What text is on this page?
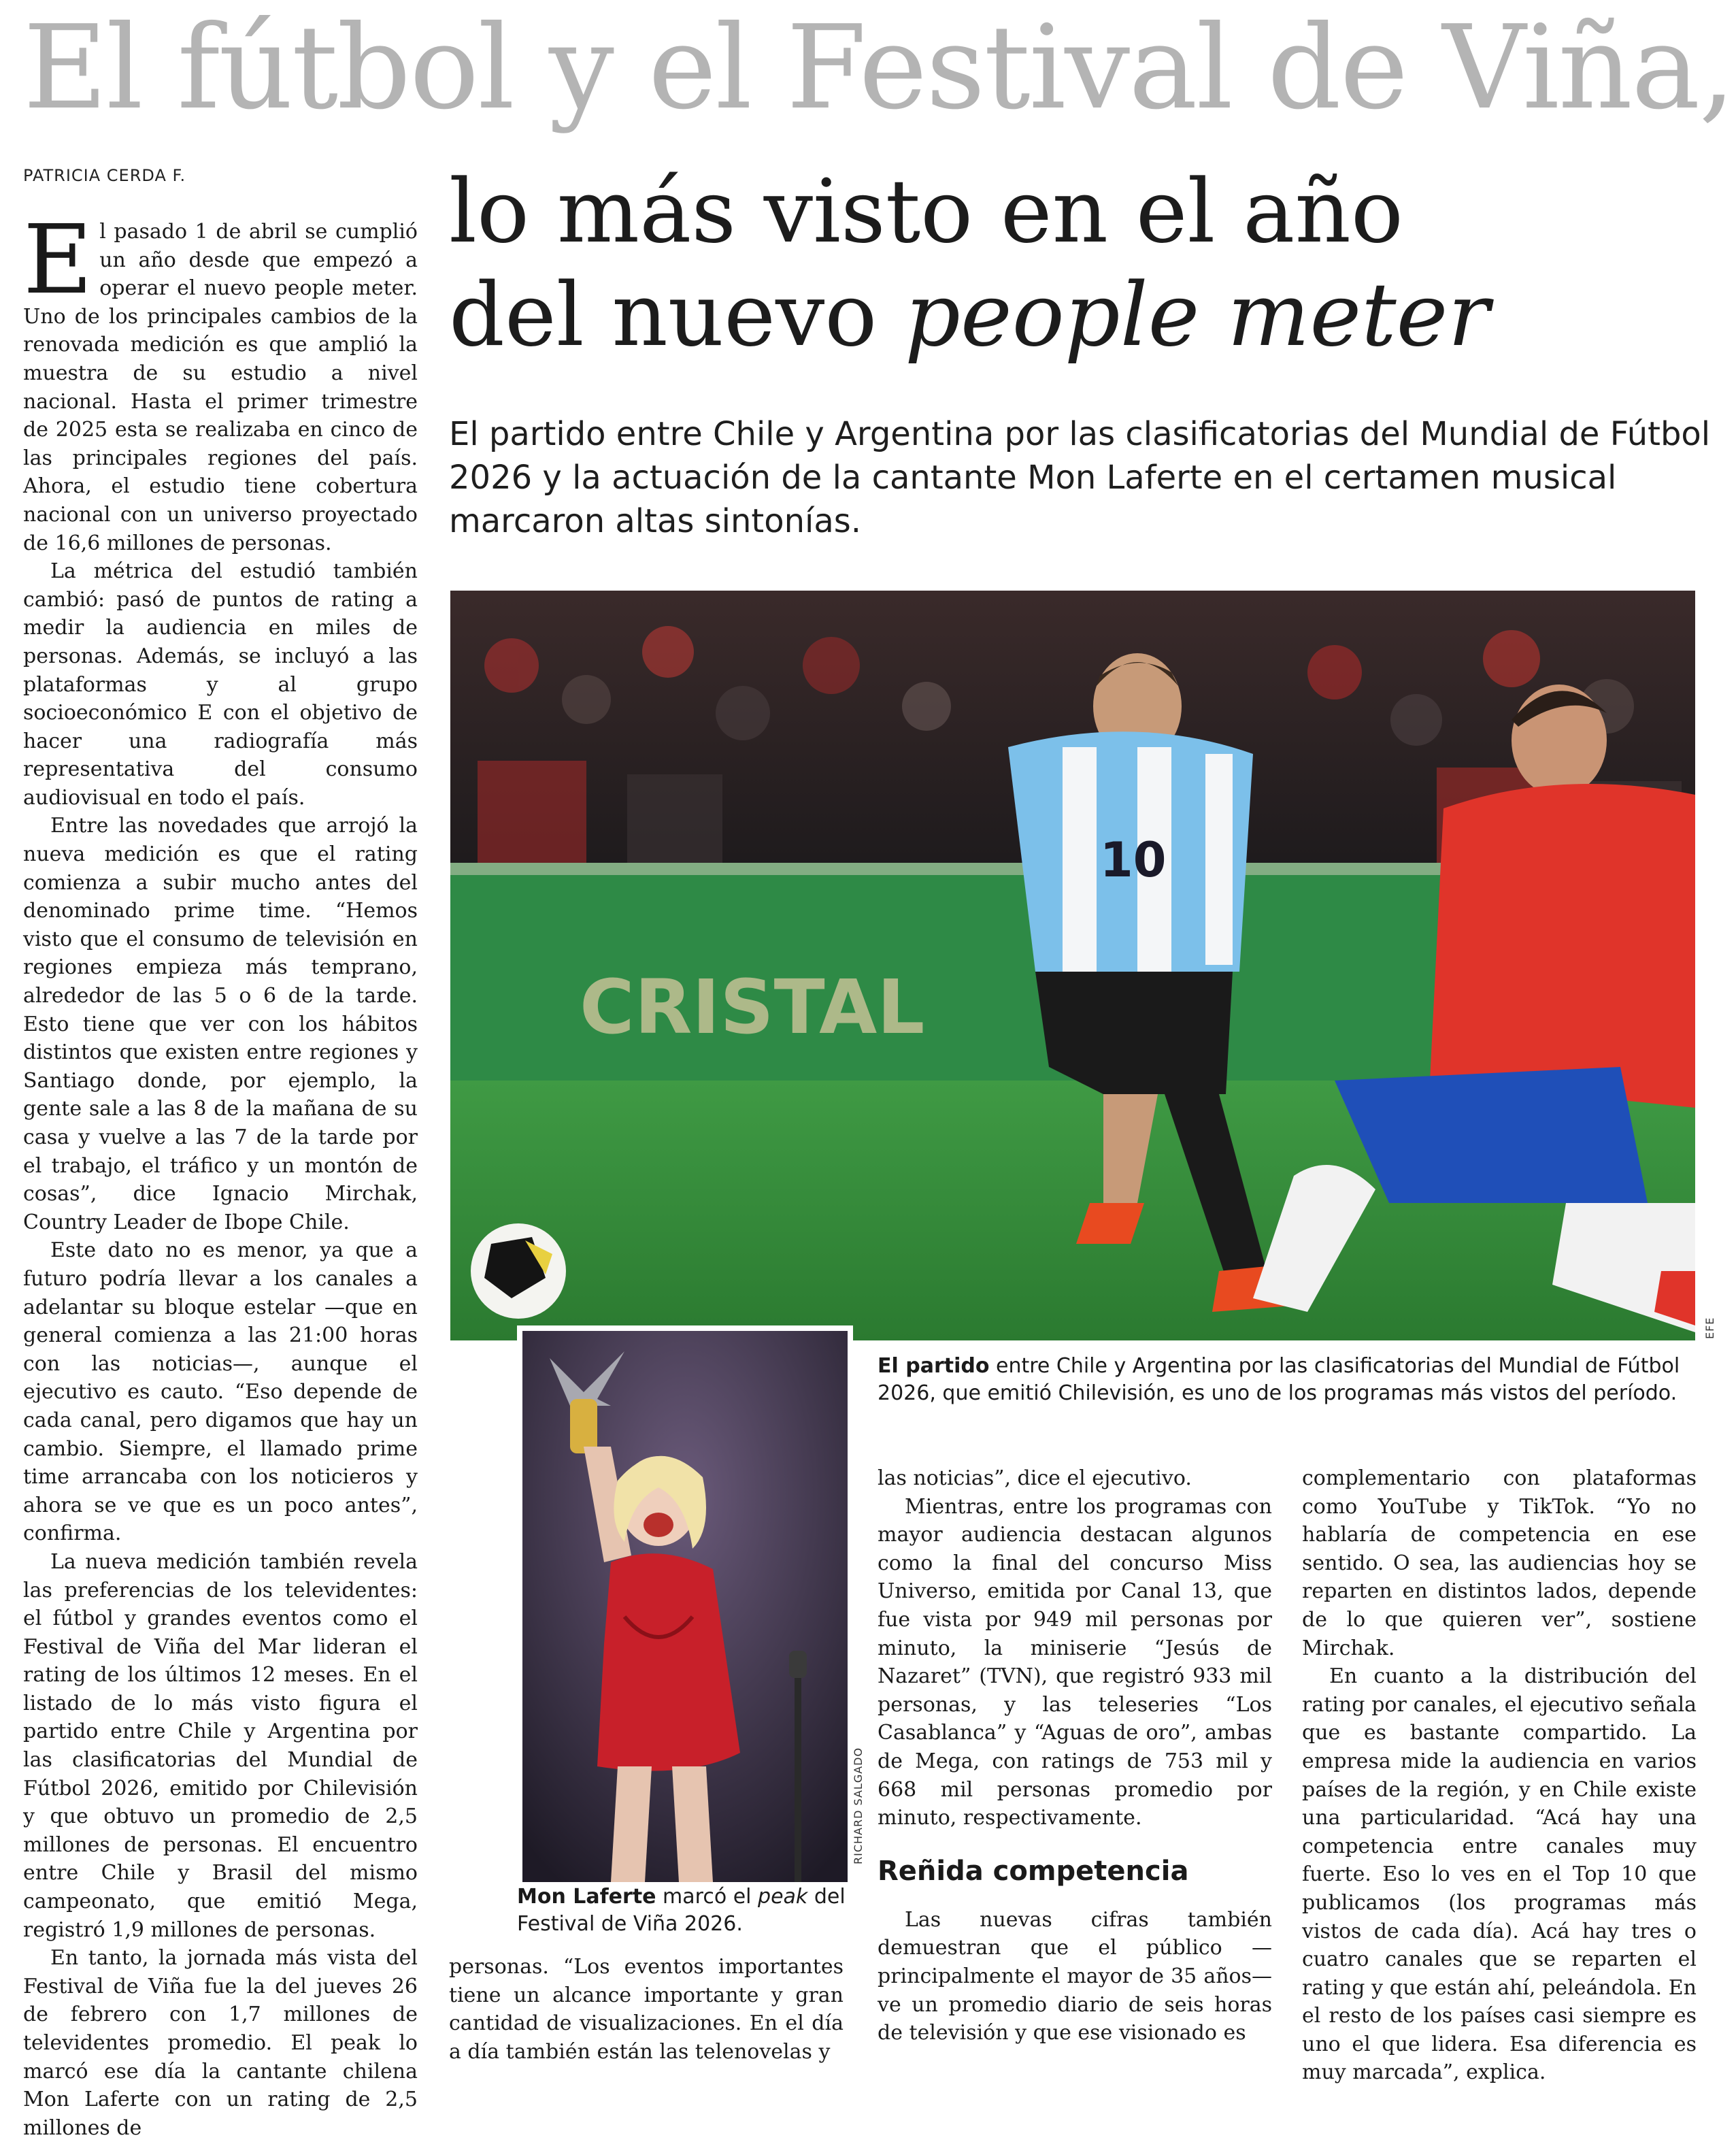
El fútbol y el Festival de Viña,
PATRICIA CERDA F.	lo más visto en el año
del nuevo people meter
El partido entre Chile y Argentina por las clasificatorias del Mundial de Fútbol 2026 y la actuación de la cantante Mon Laferte en el certamen musical marcaron altas sintonías.

El pasado 1 de abril se cumplió un año desde que empezó a operar el nuevo people meter. Uno de los principales cambios de la renovada medición es que amplió la muestra de su estudio a nivel nacional. Hasta el primer trimestre de 2025 esta se realizaba en cinco de las principales regiones del país. Ahora, el estudio tiene cobertura nacional con un universo proyectado de 16,6 millones de personas.

La métrica del estudió también cambió: pasó de puntos de rating a medir la audiencia en miles de personas. Además, se incluyó a las plataformas y al grupo socioeconómico E con el objetivo de hacer una radiografía más representativa del consumo audiovisual en todo el país.

Entre las novedades que arrojó la nueva medición es que el rating comienza a subir mucho antes del denominado prime time. “Hemos visto que el consumo de televisión en regiones empieza más temprano, alrededor de las 5 o 6 de la tarde. Esto tiene que ver con los hábitos distintos que existen entre regiones y Santiago donde, por ejemplo, la gente sale a las 8 de la mañana de su casa y vuelve a las 7 de la tarde por el trabajo, el tráfico y un montón de cosas”, dice Ignacio Mirchak, Country Leader de Ibope Chile.

Este dato no es menor, ya que a futuro podría llevar a los canales a adelantar su bloque estelar —que en general comienza a las 21:00 horas con las noticias—, aunque el ejecutivo es cauto. “Eso depende de cada canal, pero digamos que hay un cambio. Siempre, el llamado prime time arrancaba con los noticieros y ahora se ve que es un poco antes”, confirma.

La nueva medición también revela las preferencias de los televidentes: el fútbol y grandes eventos como el Festival de Viña del Mar lideran el rating de los últimos 12 meses. En el listado de lo más visto figura el partido entre Chile y Argentina por las clasificatorias del Mundial de Fútbol 2026, emitido por Chilevisión y que obtuvo un promedio de 2,5 millones de personas. El encuentro entre Chile y Brasil del mismo campeonato, que emitió Mega, registró 1,9 millones de personas.

En tanto, la jornada más vista del Festival de Viña fue la del jueves 26 de febrero con 1,7 millones de televidentes promedio. El peak lo marcó ese día la cantante chilena Mon Laferte con un rating de 2,5 millones de

CRISTAL
10
EFE
El partido entre Chile y Argentina por las clasificatorias del Mundial de Fútbol 2026, que emitió Chilevisión, es uno de los programas más vistos del período.
RICHARD SALGADO
Mon Laferte marcó el peak del Festival de Viña 2026.

personas. “Los eventos importantes tiene un alcance importante y gran cantidad de visualizaciones. En el día a día también están las telenovelas y

las noticias”, dice el ejecutivo.

Mientras, entre los programas con mayor audiencia destacan algunos como la final del concurso Miss Universo, emitida por Canal 13, que fue vista por 949 mil personas por minuto, la miniserie “Jesús de Nazaret” (TVN), que registró 933 mil personas, y las teleseries “Los Casablanca” y “Aguas de oro”, ambas de Mega, con ratings de 753 mil y 668 mil personas promedio por minuto, respectivamente.

Reñida competencia

Las nuevas cifras también demuestran que el público —principalmente el mayor de 35 años—ve un promedio diario de seis horas de televisión y que ese visionado es

complementario con plataformas como YouTube y TikTok. “Yo no hablaría de competencia en ese sentido. O sea, las audiencias hoy se reparten en distintos lados, depende de lo que quieren ver”, sostiene Mirchak.

En cuanto a la distribución del rating por canales, el ejecutivo señala que es bastante compartido. La empresa mide la audiencia en varios países de la región, y en Chile existe una particularidad. “Acá hay una competencia entre canales muy fuerte. Eso lo ves en el Top 10 que publicamos (los programas más vistos de cada día). Acá hay tres o cuatro canales que se reparten el rating y que están ahí, peleándola. En el resto de los países casi siempre es uno el que lidera. Esa diferencia es muy marcada”, explica.
